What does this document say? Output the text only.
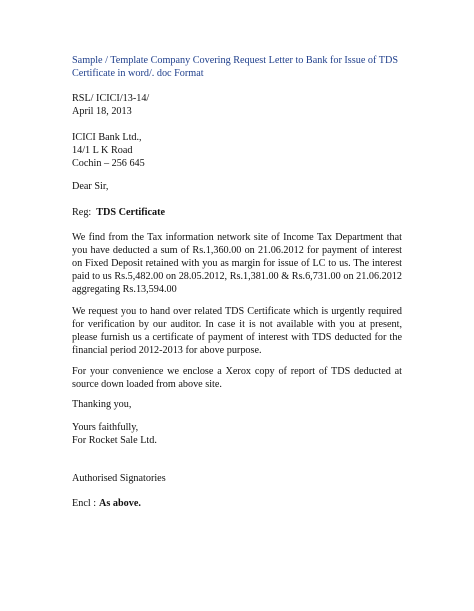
Sample / Template Company Covering Request Letter to Bank for Issue of TDS
Certificate in word/. doc Format
RSL/ ICICI/13-14/
April 18, 2013
ICICI Bank Ltd.,
14/1 L K Road
Cochin – 256 645
Dear Sir,
Reg: TDS Certificate

We find from the Tax information network site of Income Tax Department that you have deducted a sum of Rs.1,360.00 on 21.06.2012 for payment of interest on Fixed Deposit retained with you as margin for issue of LC to us. The interest paid to us Rs.5,482.00 on 28.05.2012, Rs.1,381.00 & Rs.6,731.00 on 21.06.2012 aggregating Rs.13,594.00

We request you to hand over related TDS Certificate which is urgently required for verification by our auditor. In case it is not available with you at present, please furnish us a certificate of payment of interest with TDS deducted for the financial period 2012-2013 for above purpose.

For your convenience we enclose a Xerox copy of report of TDS deducted at source down loaded from above site.

Thanking you,
Yours faithfully,
For Rocket Sale Ltd.
Authorised Signatories
Encl : As above.
